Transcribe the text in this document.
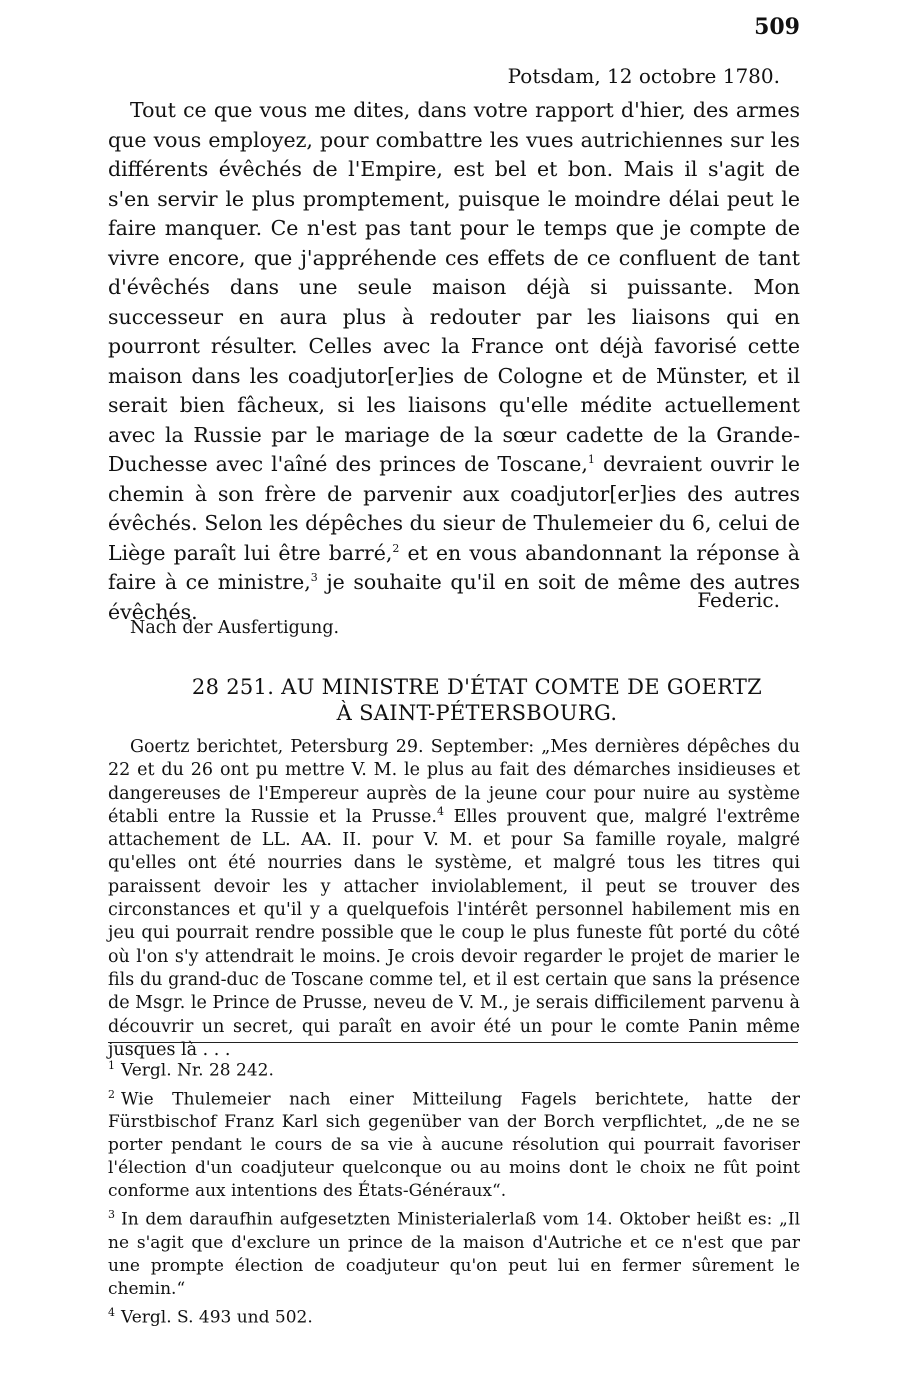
509
Potsdam, 12 octobre 1780.

Tout ce que vous me dites, dans votre rapport d'hier, des armes que vous employez, pour combattre les vues autrichiennes sur les différents évêchés de l'Empire, est bel et bon. Mais il s'agit de s'en servir le plus promptement, puisque le moindre délai peut le faire manquer. Ce n'est pas tant pour le temps que je compte de vivre encore, que j'appréhende ces effets de ce confluent de tant d'évêchés dans une seule maison déjà si puissante. Mon successeur en aura plus à redouter par les liaisons qui en pourront résulter. Celles avec la France ont déjà favorisé cette maison dans les coadjutor[er]ies de Cologne et de Münster, et il serait bien fâcheux, si les liaisons qu'elle médite actuellement avec la Russie par le mariage de la sœur cadette de la Grande-Duchesse avec l'aîné des princes de Toscane,$^1$ devraient ouvrir le chemin à son frère de parvenir aux coadjutor[er]ies des autres évêchés. Selon les dépêches du sieur de Thulemeier du 6, celui de Liège paraît lui être barré,$^2$ et en vous abandonnant la réponse à faire à ce ministre,$^3$ je souhaite qu'il en soit de même des autres évêchés.	Federic.
Nach der Ausfertigung.
28 251. AU MINISTRE D'ÉTAT COMTE DE GOERTZ
À SAINT-PÉTERSBOURG.

Goertz berichtet, Petersburg 29. September: „Mes dernières dépêches du 22 et du 26 ont pu mettre V. M. le plus au fait des démarches insidieuses et dangereuses de l'Empereur auprès de la jeune cour pour nuire au système établi entre la Russie et la Prusse.$^4$ Elles prouvent que, malgré l'extrême attachement de LL. AA. II. pour V. M. et pour Sa famille royale, malgré qu'elles ont été nourries dans le système, et malgré tous les titres qui paraissent devoir les y attacher inviolablement, il peut se trouver des circonstances et qu'il y a quelquefois l'intérêt personnel habilement mis en jeu qui pourrait rendre possible que le coup le plus funeste fût porté du côté où l'on s'y attendrait le moins. Je crois devoir regarder le projet de marier le fils du grand-duc de Toscane comme tel, et il est certain que sans la présence de Msgr. le Prince de Prusse, neveu de V. M., je serais difficilement parvenu à découvrir un secret, qui paraît en avoir été un pour le comte Panin même jusques là . . .

$^1$ Vergl. Nr. 28 242.

$^2$ Wie Thulemeier nach einer Mitteilung Fagels berichtete, hatte der Fürstbischof Franz Karl sich gegenüber van der Borch verpflichtet, „de ne se porter pendant le cours de sa vie à aucune résolution qui pourrait favoriser l'élection d'un coadjuteur quelconque ou au moins dont le choix ne fût point conforme aux intentions des États-Généraux“.

$^3$ In dem daraufhin aufgesetzten Ministerialerlaß vom 14. Oktober heißt es: „Il ne s'agit que d'exclure un prince de la maison d'Autriche et ce n'est que par une prompte élection de coadjuteur qu'on peut lui en fermer sûrement le chemin.“

$^4$ Vergl. S. 493 und 502.
